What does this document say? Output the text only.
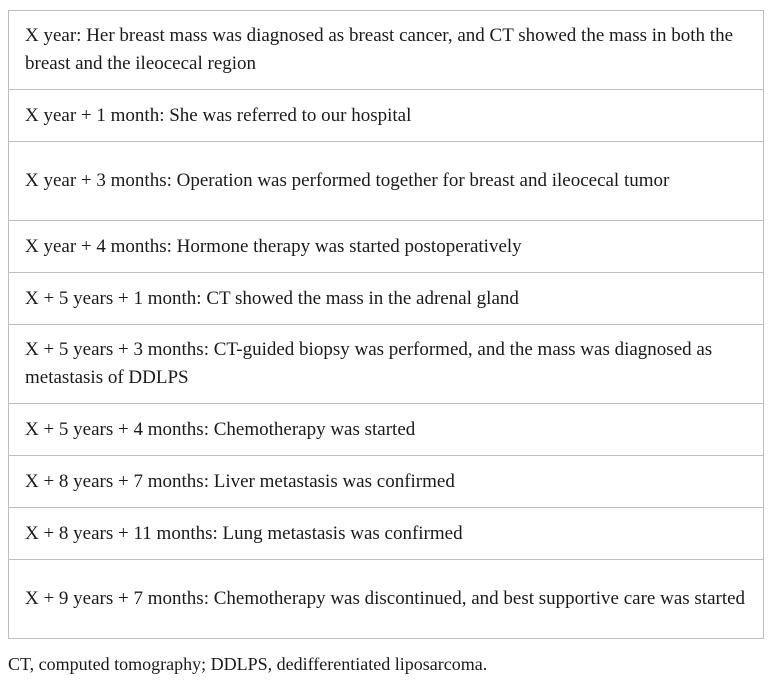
X year: Her breast mass was diagnosed as breast cancer, and CT showed the mass in both the breast and the ileocecal region
X year + 1 month: She was referred to our hospital
X year + 3 months: Operation was performed together for breast and ileocecal tumor
X year + 4 months: Hormone therapy was started postoperatively
X + 5 years + 1 month: CT showed the mass in the adrenal gland
X + 5 years + 3 months: CT-guided biopsy was performed, and the mass was diagnosed as metastasis of DDLPS
X + 5 years + 4 months: Chemotherapy was started
X + 8 years + 7 months: Liver metastasis was confirmed
X + 8 years + 11 months: Lung metastasis was confirmed
X + 9 years + 7 months: Chemotherapy was discontinued, and best supportive care was started
CT, computed tomography; DDLPS, dedifferentiated liposarcoma.
